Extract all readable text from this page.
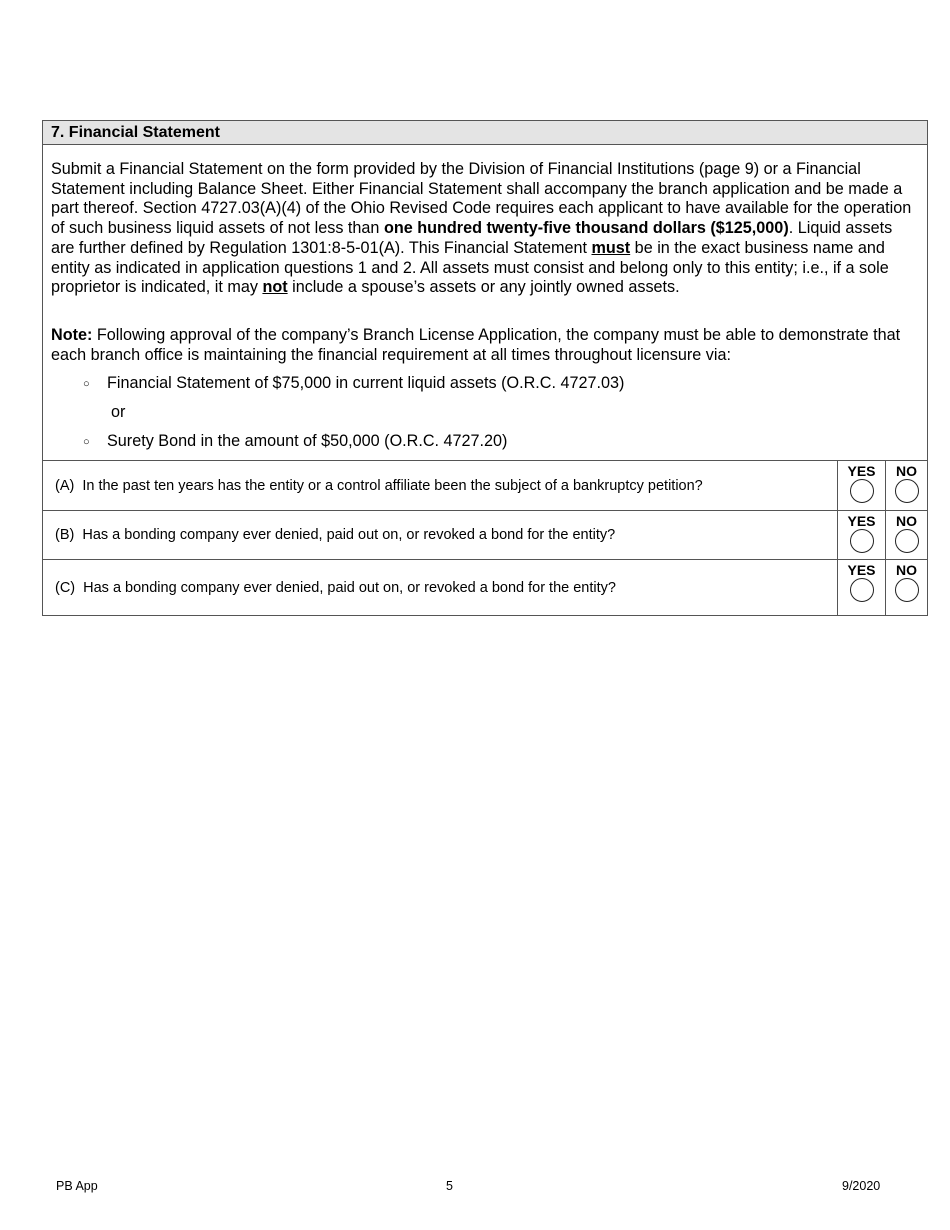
7. Financial Statement

Submit a Financial Statement on the form provided by the Division of Financial Institutions (page 9) or a Financial Statement including Balance Sheet. Either Financial Statement shall accompany the branch application and be made a part thereof. Section 4727.03(A)(4) of the Ohio Revised Code requires each applicant to have available for the operation of such business liquid assets of not less than one hundred twenty-five thousand dollars ($125,000). Liquid assets are further defined by Regulation 1301:8-5-01(A). This Financial Statement must be in the exact business name and entity as indicated in application questions 1 and 2. All assets must consist and belong only to this entity; i.e., if a sole proprietor is indicated, it may not include a spouse’s assets or any jointly owned assets.

Note: Following approval of the company’s Branch License Application, the company must be able to demonstrate that each branch office is maintaining the financial requirement at all times throughout licensure via:

○ Financial Statement of $75,000 in current liquid assets (O.R.C. 4727.03)
or
○ Surety Bond in the amount of $50,000 (O.R.C. 4727.20)
(A) In the past ten years has the entity or a control affiliate been the subject of a bankruptcy petition?
YES	NO
(B) Has a bonding company ever denied, paid out on, or revoked a bond for the entity?
YES	NO
(C) Has a bonding company ever denied, paid out on, or revoked a bond for the entity?
YES	NO
PB App	5	9/2020
